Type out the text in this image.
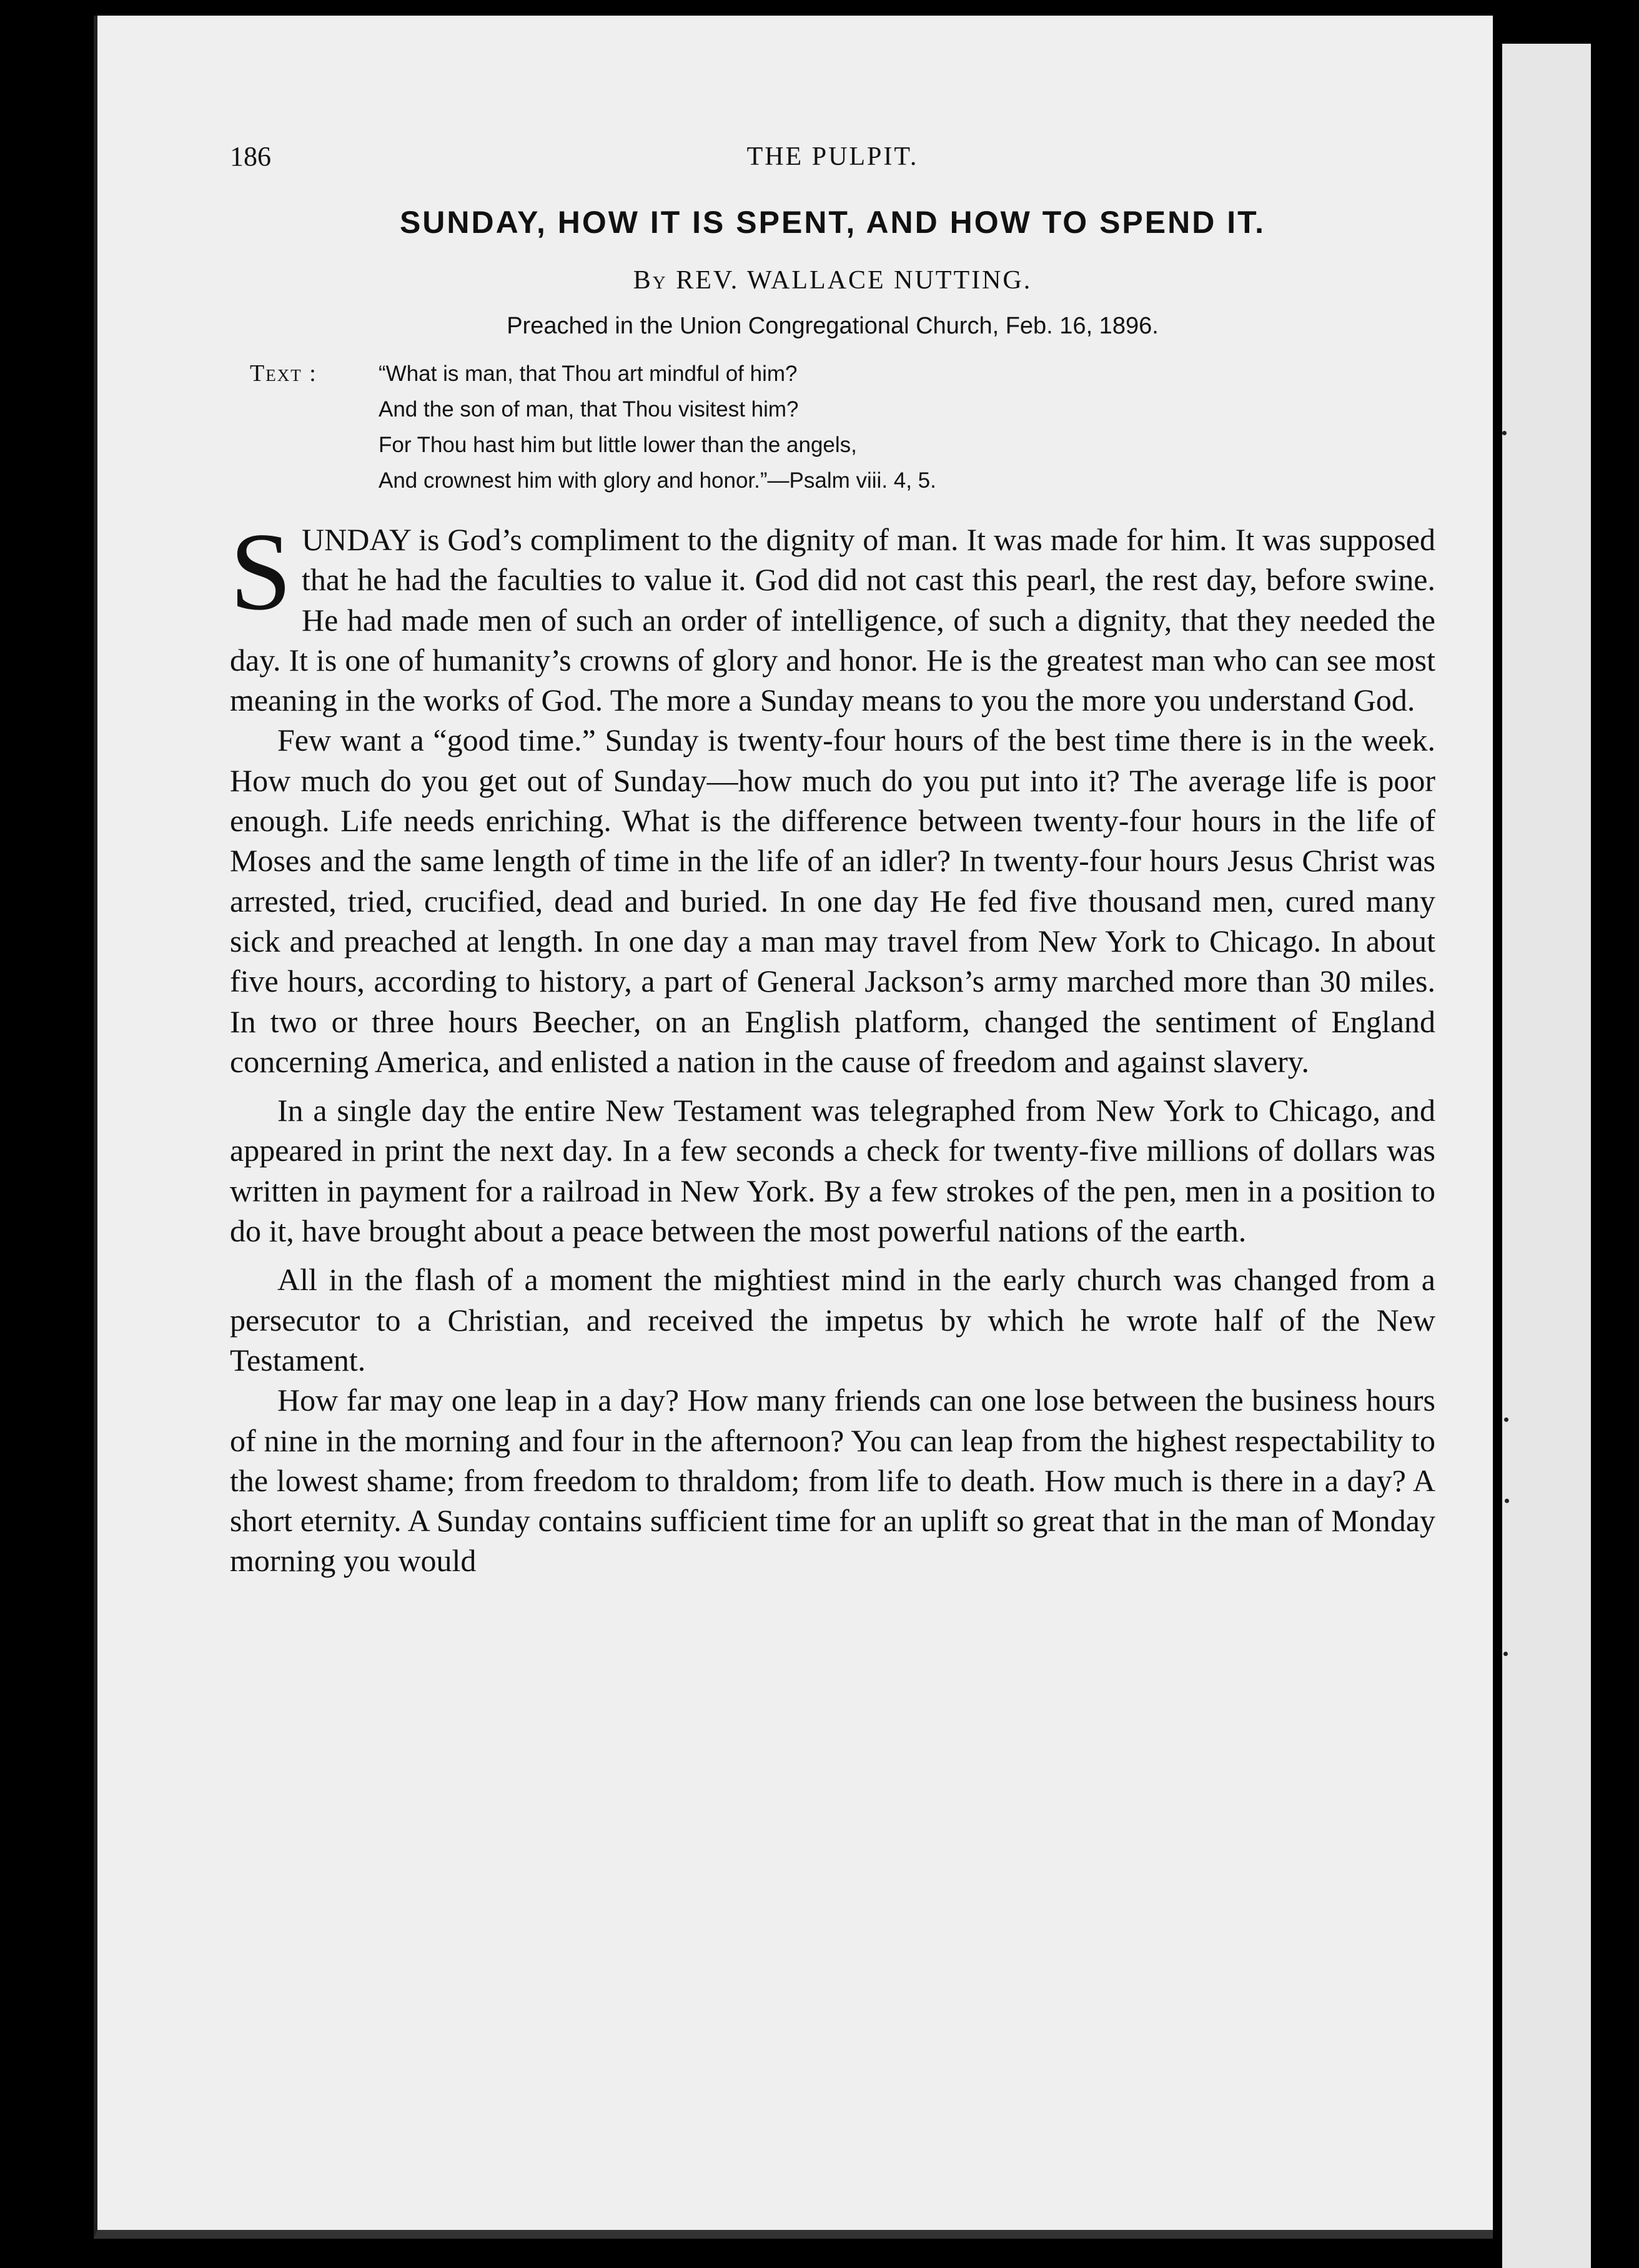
186	THE PULPIT.
SUNDAY, HOW IT IS SPENT, AND HOW TO SPEND IT.
By REV. WALLACE NUTTING.
Preached in the Union Congregational Church, Feb. 16, 1896.
Text :	“What is man, that Thou art mindful of him?
And the son of man, that Thou visitest him?
For Thou hast him but little lower than the angels,
And crownest him with glory and honor.”—Psalm viii. 4, 5.

SUNDAY is God’s compliment to the dignity of man. It was made for him. It was supposed that he had the faculties to value it. God did not cast this pearl, the rest day, before swine. He had made men of such an order of intelligence, of such a dignity, that they needed the day. It is one of humanity’s crowns of glory and honor. He is the greatest man who can see most meaning in the works of God. The more a Sunday means to you the more you understand God.

Few want a “good time.” Sunday is twenty-four hours of the best time there is in the week. How much do you get out of Sunday—how much do you put into it? The average life is poor enough. Life needs enriching. What is the difference between twenty-four hours in the life of Moses and the same length of time in the life of an idler? In twenty-four hours Jesus Christ was arrested, tried, crucified, dead and buried. In one day He fed five thousand men, cured many sick and preached at length. In one day a man may travel from New York to Chicago. In about five hours, according to history, a part of General Jackson’s army marched more than 30 miles. In two or three hours Beecher, on an English platform, changed the sentiment of England concerning America, and enlisted a nation in the cause of freedom and against slavery.

In a single day the entire New Testament was telegraphed from New York to Chicago, and appeared in print the next day. In a few seconds a check for twenty-five millions of dollars was written in payment for a railroad in New York. By a few strokes of the pen, men in a position to do it, have brought about a peace between the most powerful nations of the earth.

All in the flash of a moment the mightiest mind in the early church was changed from a persecutor to a Christian, and received the impetus by which he wrote half of the New Testament.

How far may one leap in a day? How many friends can one lose between the business hours of nine in the morning and four in the afternoon? You can leap from the highest respectability to the lowest shame; from freedom to thraldom; from life to death. How much is there in a day? A short eternity. A Sunday contains sufficient time for an uplift so great that in the man of Monday morning you would
